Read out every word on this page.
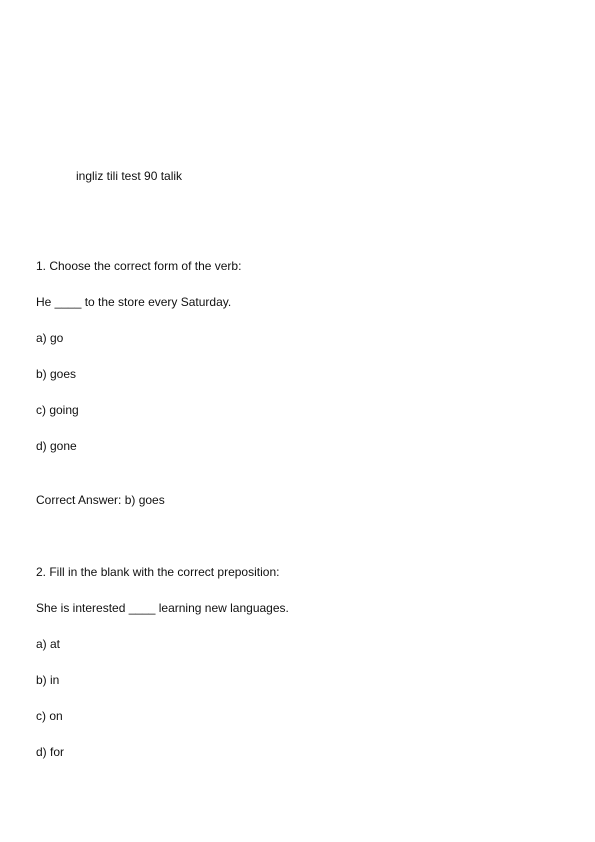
ingliz tili test 90 talik
1. Choose the correct form of the verb:
He ____ to the store every Saturday.
a) go
b) goes
c) going
d) gone
Correct Answer: b) goes
2. Fill in the blank with the correct preposition:
She is interested ____ learning new languages.
a) at
b) in
c) on
d) for
